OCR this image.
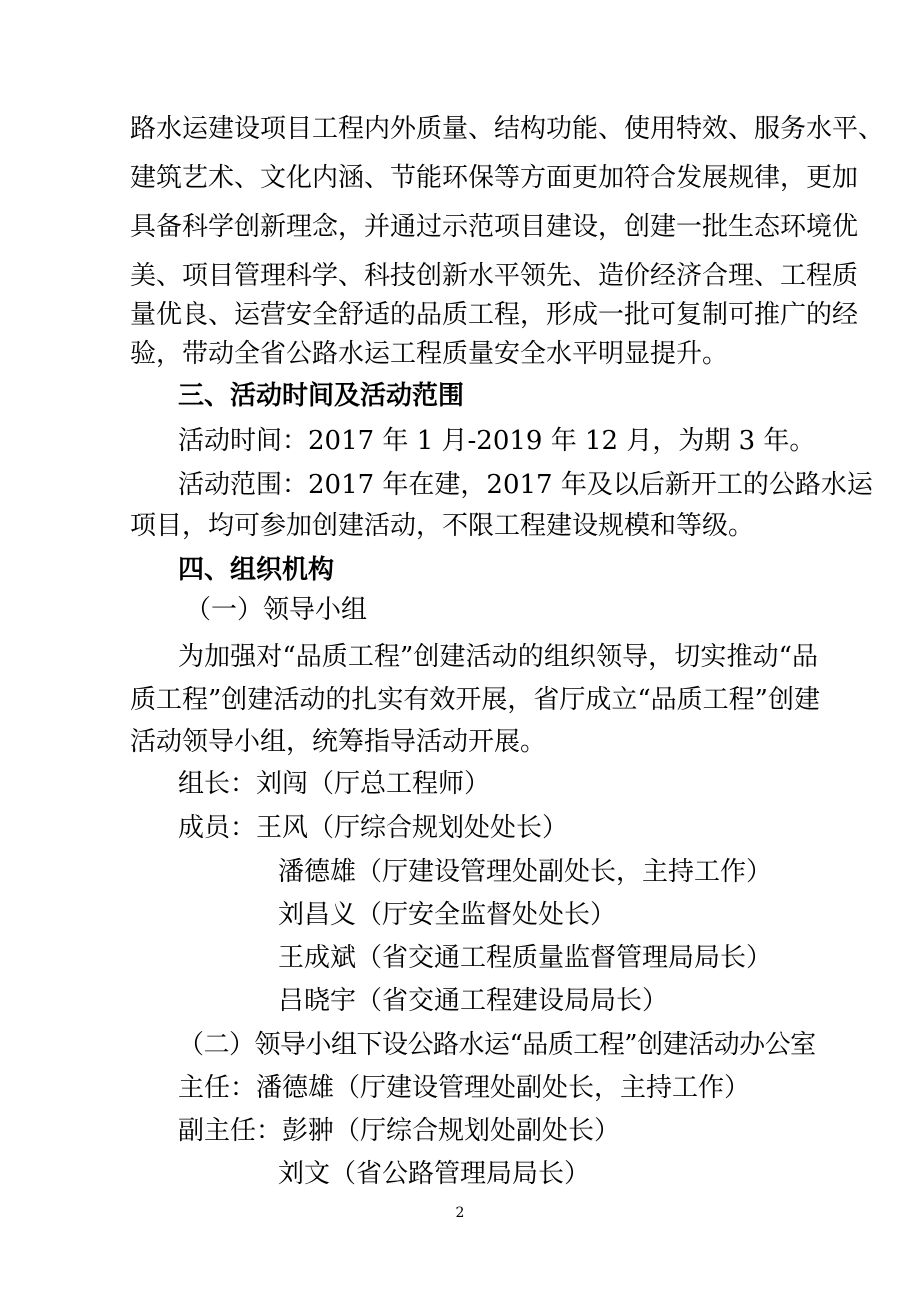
路水运建设项目工程内外质量、结构功能、使用特效、服务水平、
建筑艺术、文化内涵、节能环保等方面更加符合发展规律，更加
具备科学创新理念，并通过示范项目建设，创建一批生态环境优
美、项目管理科学、科技创新水平领先、造价经济合理、工程质
量优良、运营安全舒适的品质工程，形成一批可复制可推广的经
验，带动全省公路水运工程质量安全水平明显提升。
三、活动时间及活动范围
活动时间：2017 年 1 月-2019 年 12 月，为期 3 年。
活动范围：2017 年在建，2017 年及以后新开工的公路水运
项目，均可参加创建活动，不限工程建设规模和等级。
四、组织机构
（一）领导小组
为加强对“品质工程”创建活动的组织领导，切实推动“品
质工程”创建活动的扎实有效开展，省厅成立“品质工程”创建
活动领导小组，统筹指导活动开展。
组长：刘闯（厅总工程师）
成员：王风（厅综合规划处处长）
潘德雄（厅建设管理处副处长，主持工作）
刘昌义（厅安全监督处处长）
王成斌（省交通工程质量监督管理局局长）
吕晓宇（省交通工程建设局局长）
（二）领导小组下设公路水运“品质工程”创建活动办公室
主任：潘德雄（厅建设管理处副处长，主持工作）
副主任：彭翀（厅综合规划处副处长）
刘文（省公路管理局局长）
2
